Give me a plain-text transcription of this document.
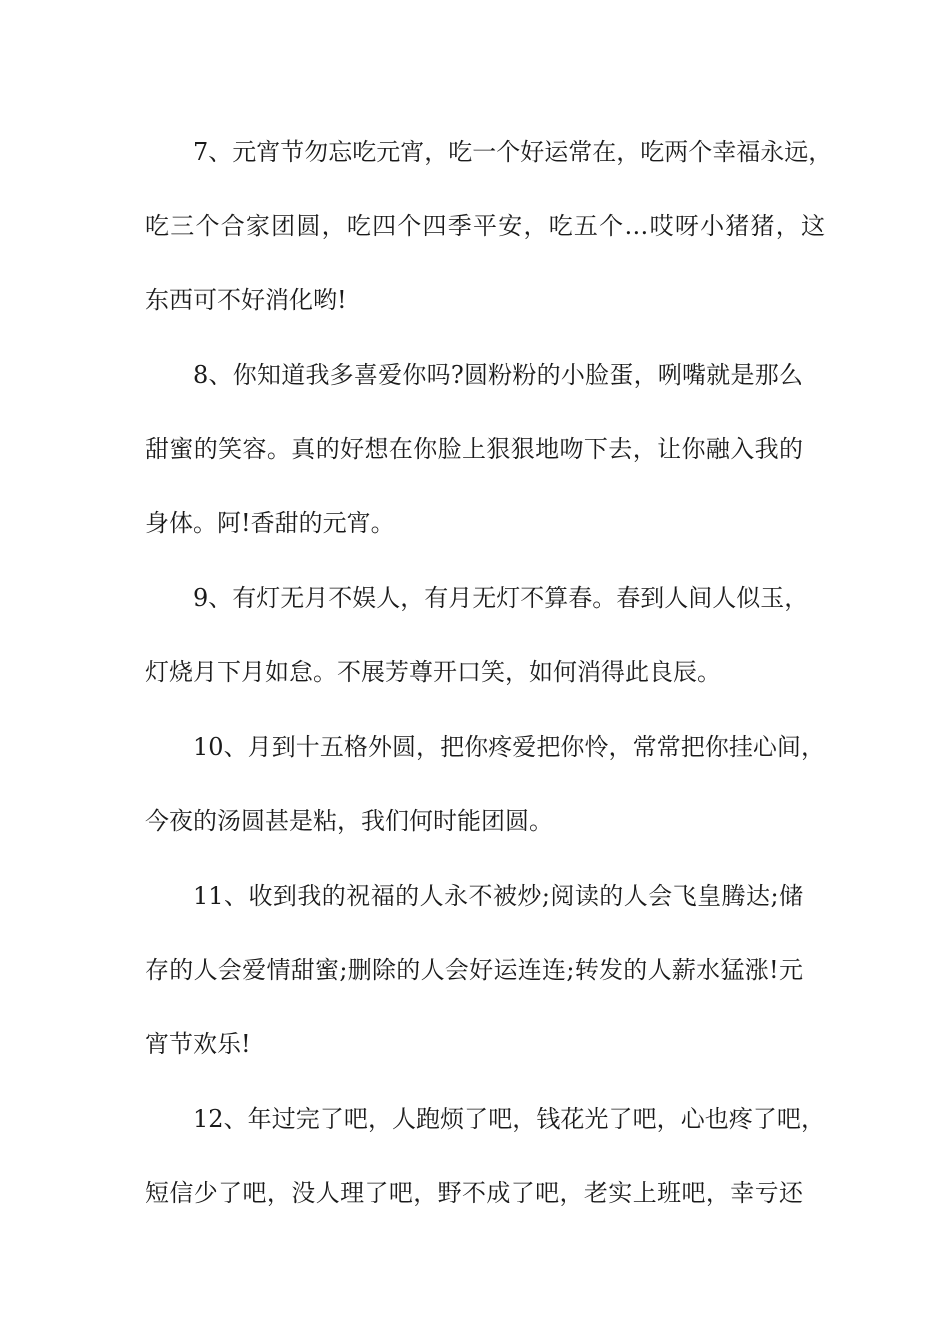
7、元宵节勿忘吃元宵，吃一个好运常在，吃两个幸福永远，
吃三个合家团圆，吃四个四季平安，吃五个…哎呀小猪猪，这
东西可不好消化哟!
8、你知道我多喜爱你吗?圆粉粉的小脸蛋，咧嘴就是那么
甜蜜的笑容。真的好想在你脸上狠狠地吻下去，让你融入我的
身体。阿!香甜的元宵。
9、有灯无月不娱人，有月无灯不算春。春到人间人似玉，
灯烧月下月如怠。不展芳尊开口笑，如何消得此良辰。
10、月到十五格外圆，把你疼爱把你怜，常常把你挂心间，
今夜的汤圆甚是粘，我们何时能团圆。
11、收到我的祝福的人永不被炒;阅读的人会飞皇腾达;储
存的人会爱情甜蜜;删除的人会好运连连;转发的人薪水猛涨!元
宵节欢乐!
12、年过完了吧，人跑烦了吧，钱花光了吧，心也疼了吧，
短信少了吧，没人理了吧，野不成了吧，老实上班吧，幸亏还
